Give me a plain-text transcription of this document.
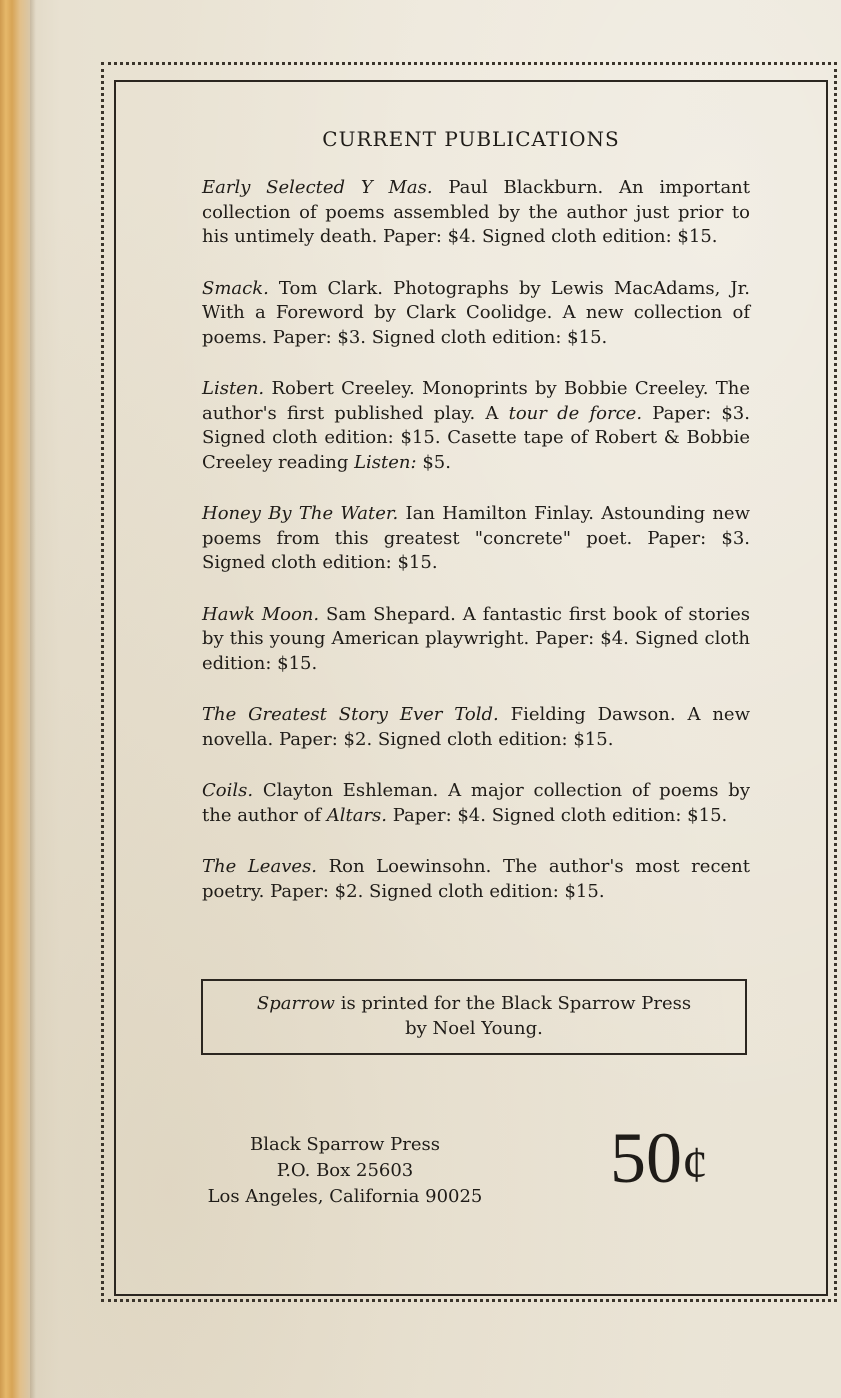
CURRENT PUBLICATIONS

Early Selected Y Mas. Paul Blackburn. An important collection of poems assembled by the author just prior to his untimely death. Paper: $4. Signed cloth edition: $15.

Smack. Tom Clark. Photographs by Lewis MacAdams, Jr. With a Foreword by Clark Coolidge. A new collection of poems. Paper: $3. Signed cloth edition: $15.

Listen. Robert Creeley. Monoprints by Bobbie Creeley. The author's first published play. A tour de force. Paper: $3. Signed cloth edition: $15. Casette tape of Robert & Bobbie Creeley reading Listen: $5.

Honey By The Water. Ian Hamilton Finlay. Astounding new poems from this greatest "concrete" poet. Paper: $3. Signed cloth edition: $15.

Hawk Moon. Sam Shepard. A fantastic first book of stories by this young American playwright. Paper: $4. Signed cloth edition: $15.

The Greatest Story Ever Told. Fielding Dawson. A new novella. Paper: $2. Signed cloth edition: $15.

Coils. Clayton Eshleman. A major collection of poems by the author of Altars. Paper: $4. Signed cloth edition: $15.

The Leaves. Ron Loewinsohn. The author's most recent poetry. Paper: $2. Signed cloth edition: $15.

Sparrow is printed for the Black Sparrow Press
by Noel Young.
Black Sparrow Press
P.O. Box 25603
Los Angeles, California 90025 50¢
